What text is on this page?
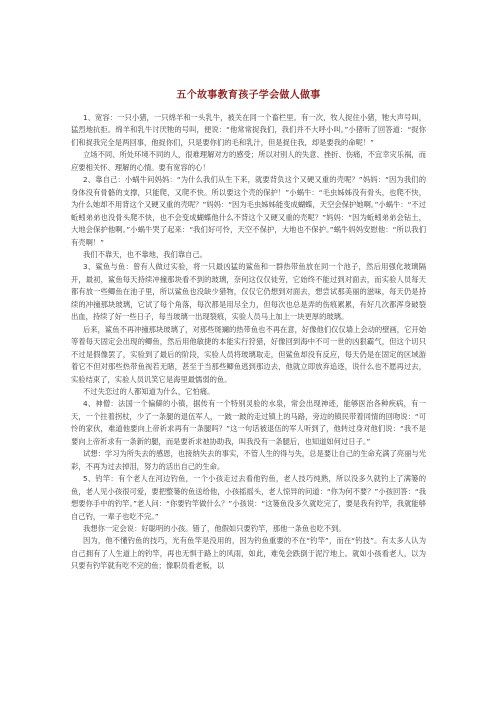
五个故事教育孩子学会做人做事

1、宽容：一只小猪，一只绵羊和一头乳牛，被关在同一个畜栏里。有一次，牧人捉住小猪，牠大声号叫，猛烈地抗拒。绵羊和乳牛讨厌牠的号叫，便说：“他常常捉我们，我们并不大呼小叫。”小猪听了回答道：“捉你们和捉我完全是两回事，他捉你们，只是要你们的毛和乳汁，但是捉住我，却是要我的命呢！”

立场不同、所处环境不同的人，很难理解对方的感受；所以对别人的失意、挫折、伤痛，不宜幸灾乐祸，而应要相关怀、理解的心情。要有宽容的心！

2、靠自己：小蜗牛问妈妈：“为什么我们从生下来，就要背负这个又硬又重的壳呢？”妈妈：“因为我们的身体没有骨骼的支撑，只能爬，又爬不快。所以要这个壳的保护！”小蜗牛：“毛虫姊姊没有骨头，也爬不快，为什么她却不用背这个又硬又重的壳呢？”妈妈：“因为毛虫姊姊能变成蝴蝶，天空会保护她啊。”小蜗牛：“不过蚯蚓弟弟也没骨头爬不快，也不会变成蝴蝶他什么不背这个又硬又重的壳呢？”妈妈：“因为蚯蚓弟弟会钻土，大地会保护他啊。”小蜗牛哭了起来：“我们好可怜，天空不保护，大地也不保护。”蜗牛妈妈安慰他：“所以我们有壳啊！”

我们不靠天，也不靠地，我们靠自己。

3、鲨鱼与鱼：曾有人做过实验，将一只最凶猛的鲨鱼和一群热带鱼放在同一个池子，然后用强化玻璃隔开，最初，鲨鱼每天持续冲撞那块看不到的玻璃，奈何这仅仅徒劳，它始终不能过到对面去，而实验人员每天都有放一些鲫鱼在池子里，所以鲨鱼也没缺少猎物，仅仅它仍想到对面去，想尝试那美丽的滋味，每天仍是持续的冲撞那块玻璃，它试了每个角落，每次都是用尽全力，但每次也总是弄的伤痕累累，有好几次都浑身破裂出血，持续了好一些日子，每当玻璃一出现裂痕，实验人员马上加上一块更厚的玻璃。

后来，鲨鱼不再冲撞那块玻璃了，对那些斑斓的热带鱼也不再在意，好像他们仅仅墙上会动的壁画，它开始等着每天固定会出现的鲫鱼，然后用他敏捷的本能实行狩猎，好像回到海中不可一世的凶狠霸气，但这个切只不过是假像罢了，实验到了最后的阶段，实验人员将玻璃取走，但鲨鱼却没有反应，每天仍是在固定的区域游着它不但对那些热带鱼视若无睹，甚至于当那些鲫鱼逃到那边去，他就立即放弃追逐，说什么也不愿再过去，实验结束了，实验人员讥笑它是海里最懦弱的鱼。

不过失恋过的人都知道为什么，它怕痛。

4、神僧：法国一个偏僻的小镇，据传有一个特别灵验的水泉，常会出现神迹，能够医治各种疾病，有一天，一个拄着拐杖，少了一条腿的退伍军人，一跛一跛的走过镇上的马路，旁边的镇民带着同情的回吻说：“可怜的家伙，难道他要向上帝祈求再有一条腿吗？”这一句话被退伍的军人听到了，他转过身对他们说：“我不是要向上帝祈求有一条新的腿，而是要祈求祂协助我，叫我没有一条腿后，也知道如何过日子。”

试想：学习为所失去的感恩，也接纳失去的事实，不管人生的得与失，总是要让自己的生命充满了亮丽与光彩，不再为过去掉泪，努力的活出自己的生命。

5、钓竿：有个老人在河边钓鱼，一个小孩走过去看他钓鱼，老人技巧纯熟，所以没多久就钓上了满篓的鱼，老人见小孩很可爱，要把整篓的鱼送给他，小孩摇摇头，老人惊异的问道：“你为何不要？”小孩回答：“我想要你手中的钓竿。”老人问：“你要钓竿做什么？”小孩说：“这篓鱼没多久就吃完了，要是我有钓竿，我就能够自己钓，一辈子也吃不完。”

我想你一定会说：好聪明的小孩。错了，他假如只要钓竿，那他一条鱼也吃不到。

因为，他不懂钓鱼的技巧，光有鱼竿是没用的，因为钓鱼重要的不在“钓竿”，而在“钓技”。有太多人认为自己拥有了人生道上的钓竿，再也无惧于路上的风雨，如此，难免会跌倒于泥泞地上。就如小孩看老人，以为只要有钓竿就有吃不完的鱼；像职员看老板，以
